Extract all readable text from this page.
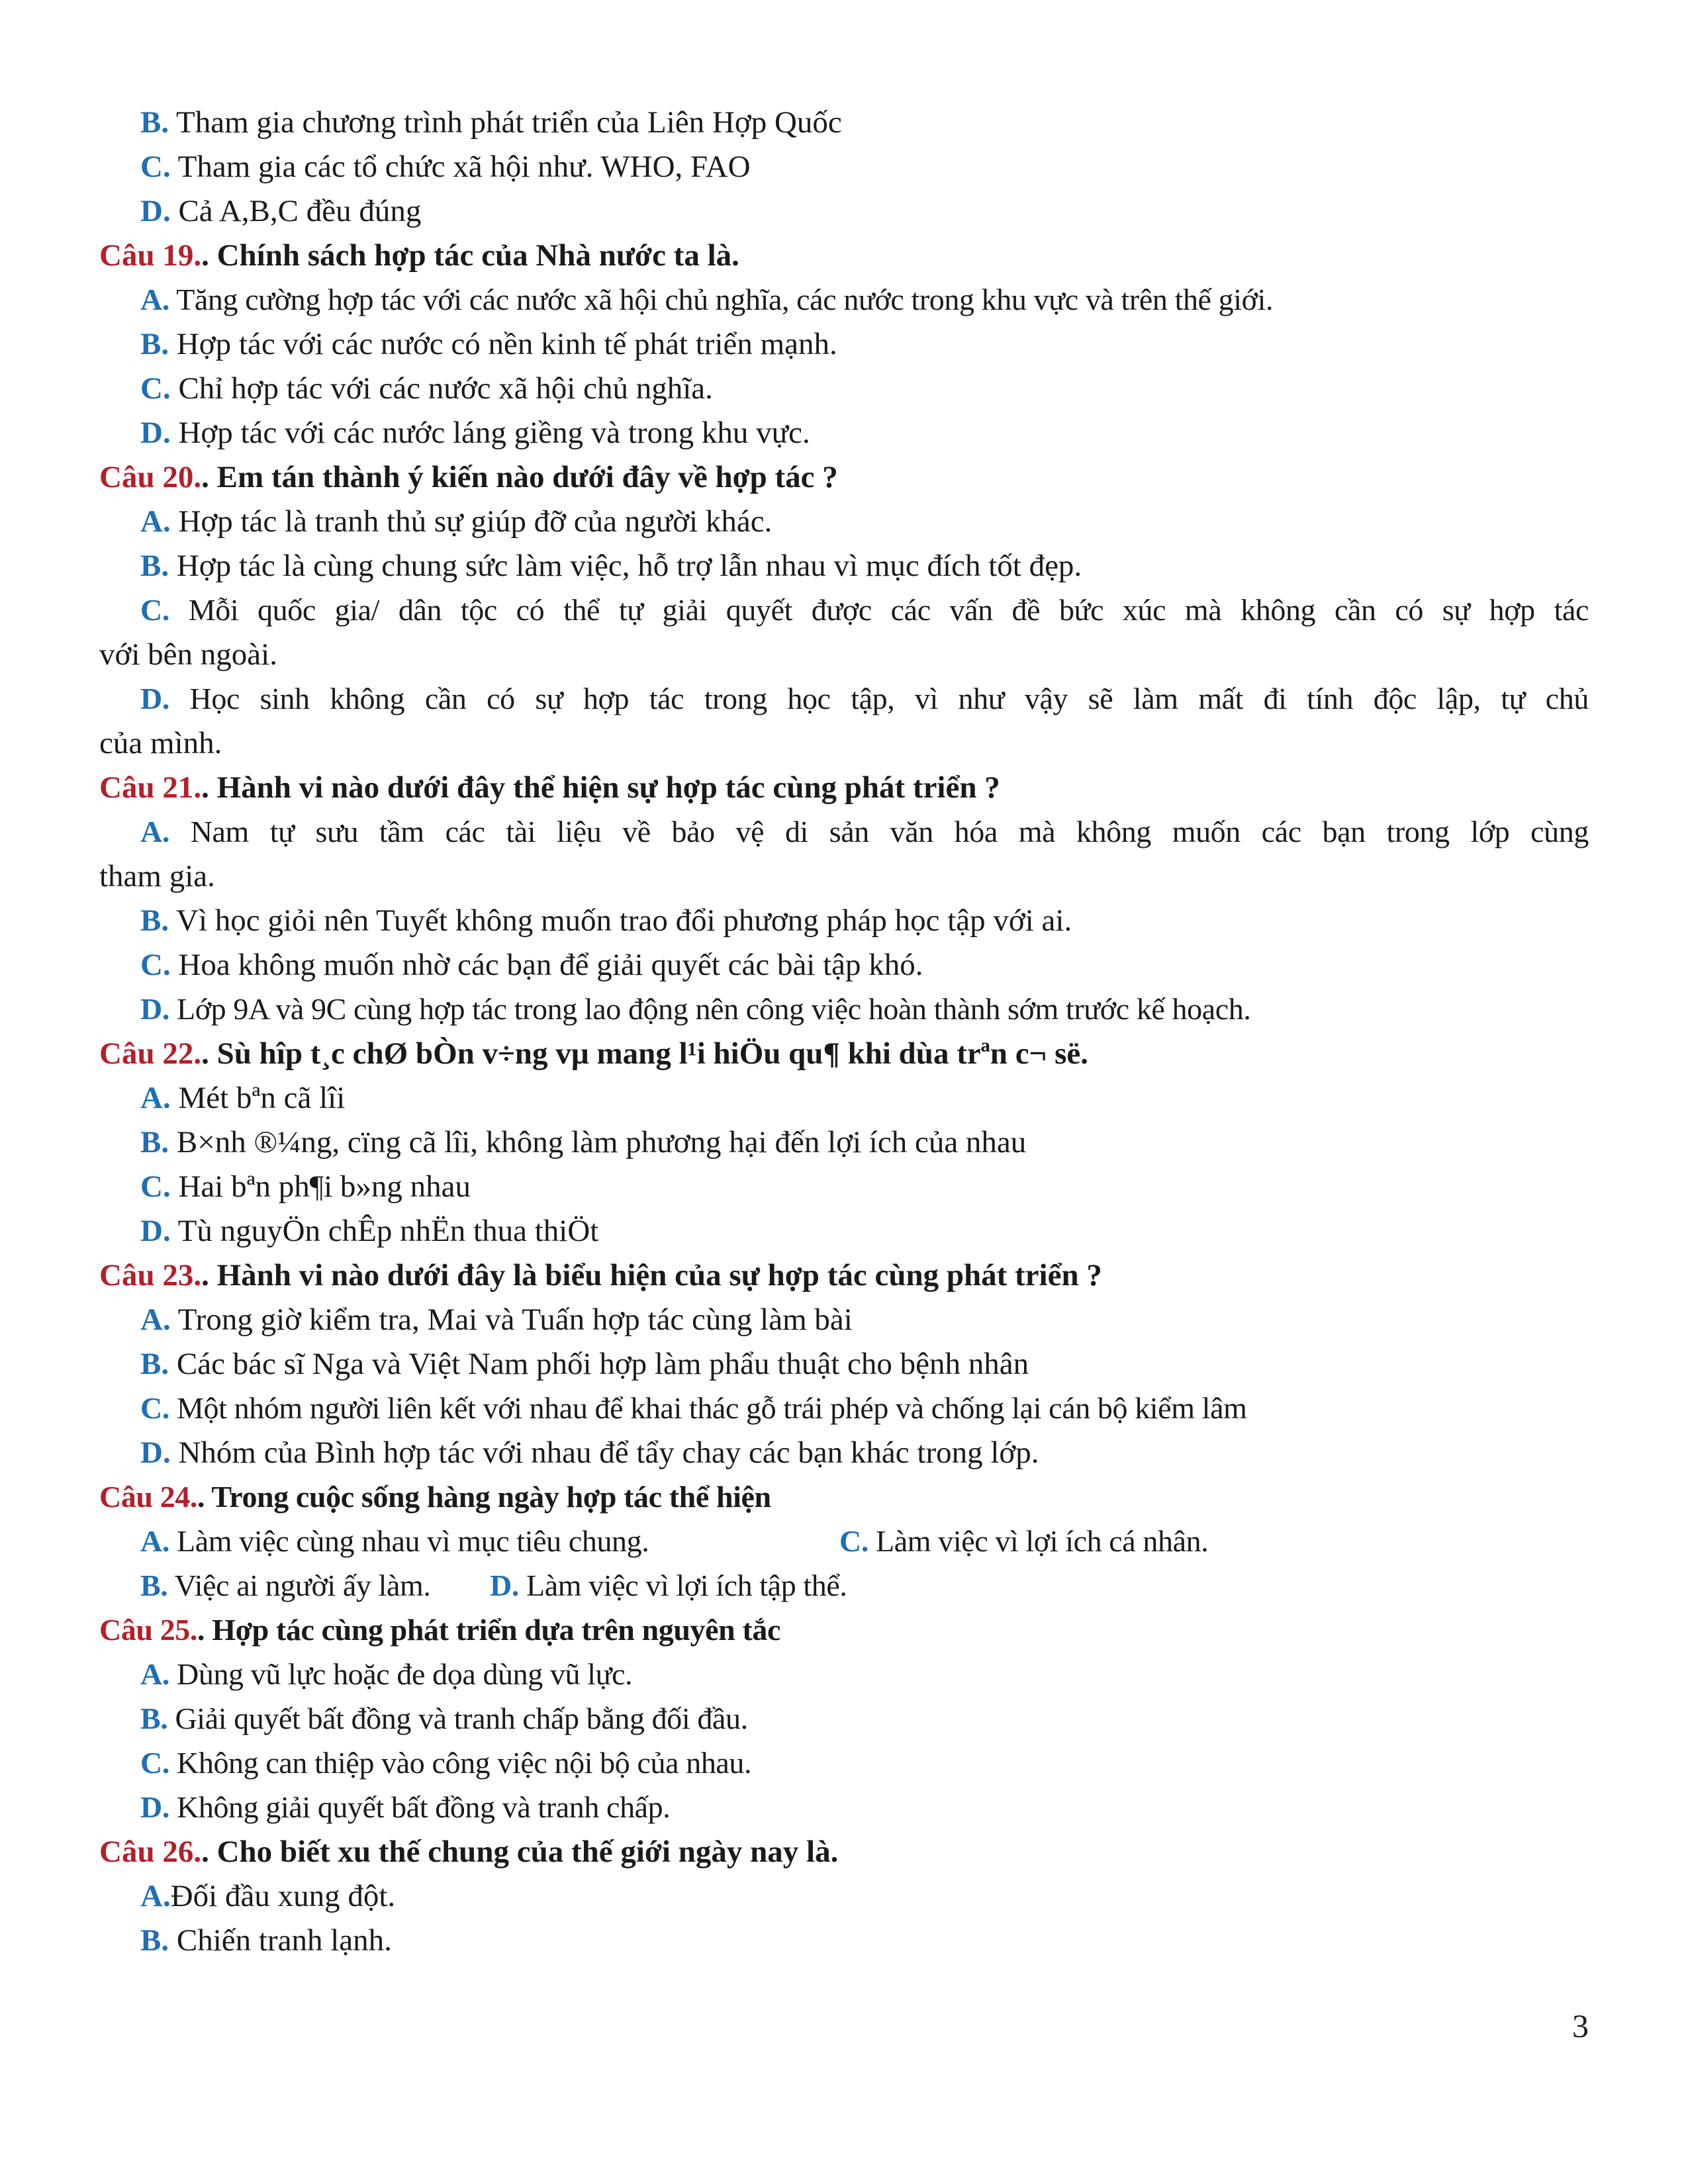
B. Tham gia chương trình phát triển của Liên Hợp Quốc
C. Tham gia các tổ chức xã hội như. WHO, FAO
D. Cả A,B,C đều đúng
Câu 19.. Chính sách hợp tác của Nhà nước ta là.
A. Tăng cường hợp tác với các nước xã hội chủ nghĩa, các nước trong khu vực và trên thế giới.
B. Hợp tác với các nước có nền kinh tế phát triển mạnh.
C. Chỉ hợp tác với các nước xã hội chủ nghĩa.
D. Hợp tác với các nước láng giềng và trong khu vực.
Câu 20.. Em tán thành ý kiến nào dưới đây về hợp tác ?
A. Hợp tác là tranh thủ sự giúp đỡ của người khác.
B. Hợp tác là cùng chung sức làm việc, hỗ trợ lẫn nhau vì mục đích tốt đẹp.
C. Mỗi quốc gia/ dân tộc có thể tự giải quyết được các vấn đề bức xúc mà không cần có sự hợp tác
với bên ngoài.
D. Học sinh không cần có sự hợp tác trong học tập, vì như vậy sẽ làm mất đi tính độc lập, tự chủ
của mình.
Câu 21.. Hành vi nào dưới đây thể hiện sự hợp tác cùng phát triển ?
A. Nam tự sưu tầm các tài liệu về bảo vệ di sản văn hóa mà không muốn các bạn trong lớp cùng
tham gia.
B. Vì học giỏi nên Tuyết không muốn trao đổi phương pháp học tập với ai.
C. Hoa không muốn nhờ các bạn để giải quyết các bài tập khó.
D. Lớp 9A và 9C cùng hợp tác trong lao động nên công việc hoàn thành sớm trước kế hoạch.
Câu 22.. Sù hîp t¸c chØ bÒn v÷ng vµ mang l¹i hiÖu qu¶ khi dùa trªn c¬ së.
A. Mét bªn cã lîi
B. B×nh ®¼ng, cïng cã lîi, không làm phương hại đến lợi ích của nhau
C. Hai bªn ph¶i b»ng nhau
D. Tù nguyÖn chÊp nhËn thua thiÖt
Câu 23.. Hành vi nào dưới đây là biểu hiện của sự hợp tác cùng phát triển ?
A. Trong giờ kiểm tra, Mai và Tuấn hợp tác cùng làm bài
B. Các bác sĩ Nga và Việt Nam phối hợp làm phẩu thuật cho bệnh nhân
C. Một nhóm người liên kết với nhau để khai thác gỗ trái phép và chống lại cán bộ kiểm lâm
D. Nhóm của Bình hợp tác với nhau để tẩy chay các bạn khác trong lớp.
Câu 24.. Trong cuộc sống hàng ngày hợp tác thể hiện
A. Làm việc cùng nhau vì mục tiêu chung.	C. Làm việc vì lợi ích cá nhân.
B. Việc ai người ấy làm. D. Làm việc vì lợi ích tập thể.
Câu 25.. Hợp tác cùng phát triển dựa trên nguyên tắc
A. Dùng vũ lực hoặc đe dọa dùng vũ lực.
B. Giải quyết bất đồng và tranh chấp bằng đối đầu.
C. Không can thiệp vào công việc nội bộ của nhau.
D. Không giải quyết bất đồng và tranh chấp.
Câu 26.. Cho biết xu thế chung của thế giới ngày nay là.
A.Đối đầu xung đột.
B. Chiến tranh lạnh.
3
